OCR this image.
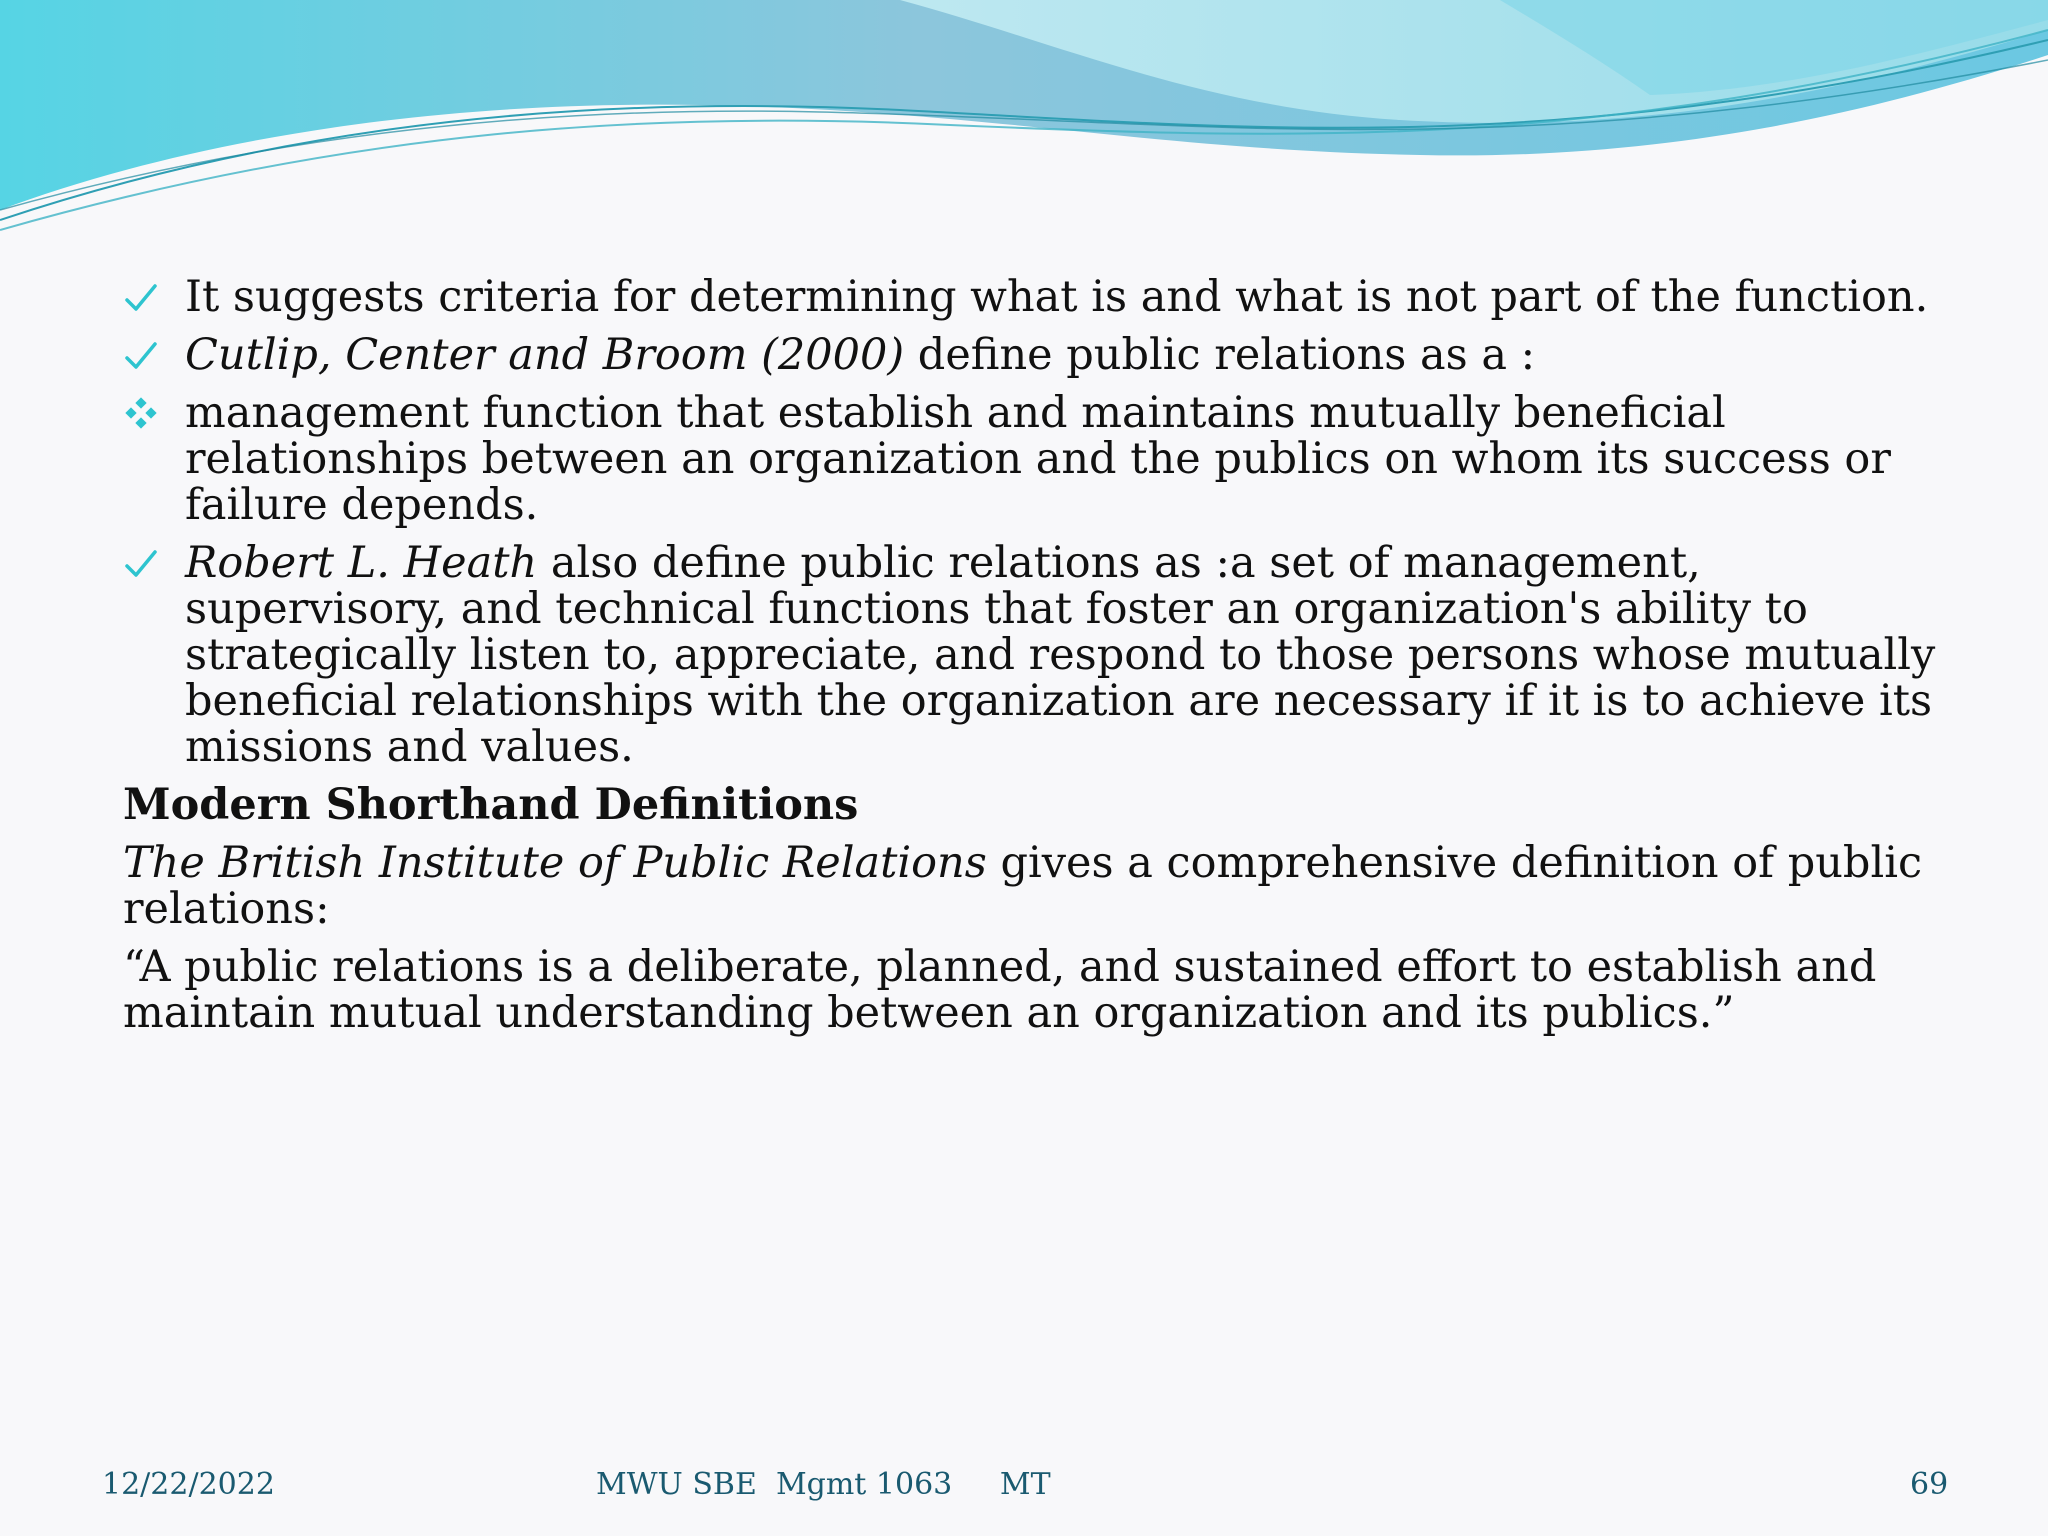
It suggests criteria for determining what is and what is not part of the function.
Cutlip, Center and Broom (2000) define public relations as a :
management function that establish and maintains mutually beneficial relationships between an organization and the publics on whom its success or failure depends.
Robert L. Heath also define public relations as :a set of management, supervisory, and technical functions that foster an organization's ability to strategically listen to, appreciate, and respond to those persons whose mutually beneficial relationships with the organization are necessary if it is to achieve its missions and values.
Modern Shorthand Definitions
The British Institute of Public Relations gives a comprehensive definition of public relations:
“A public relations is a deliberate, planned, and sustained effort to establish and maintain mutual understanding between an organization and its publics.”
12/22/2022	MWU SBE  Mgmt 1063     MT	69
